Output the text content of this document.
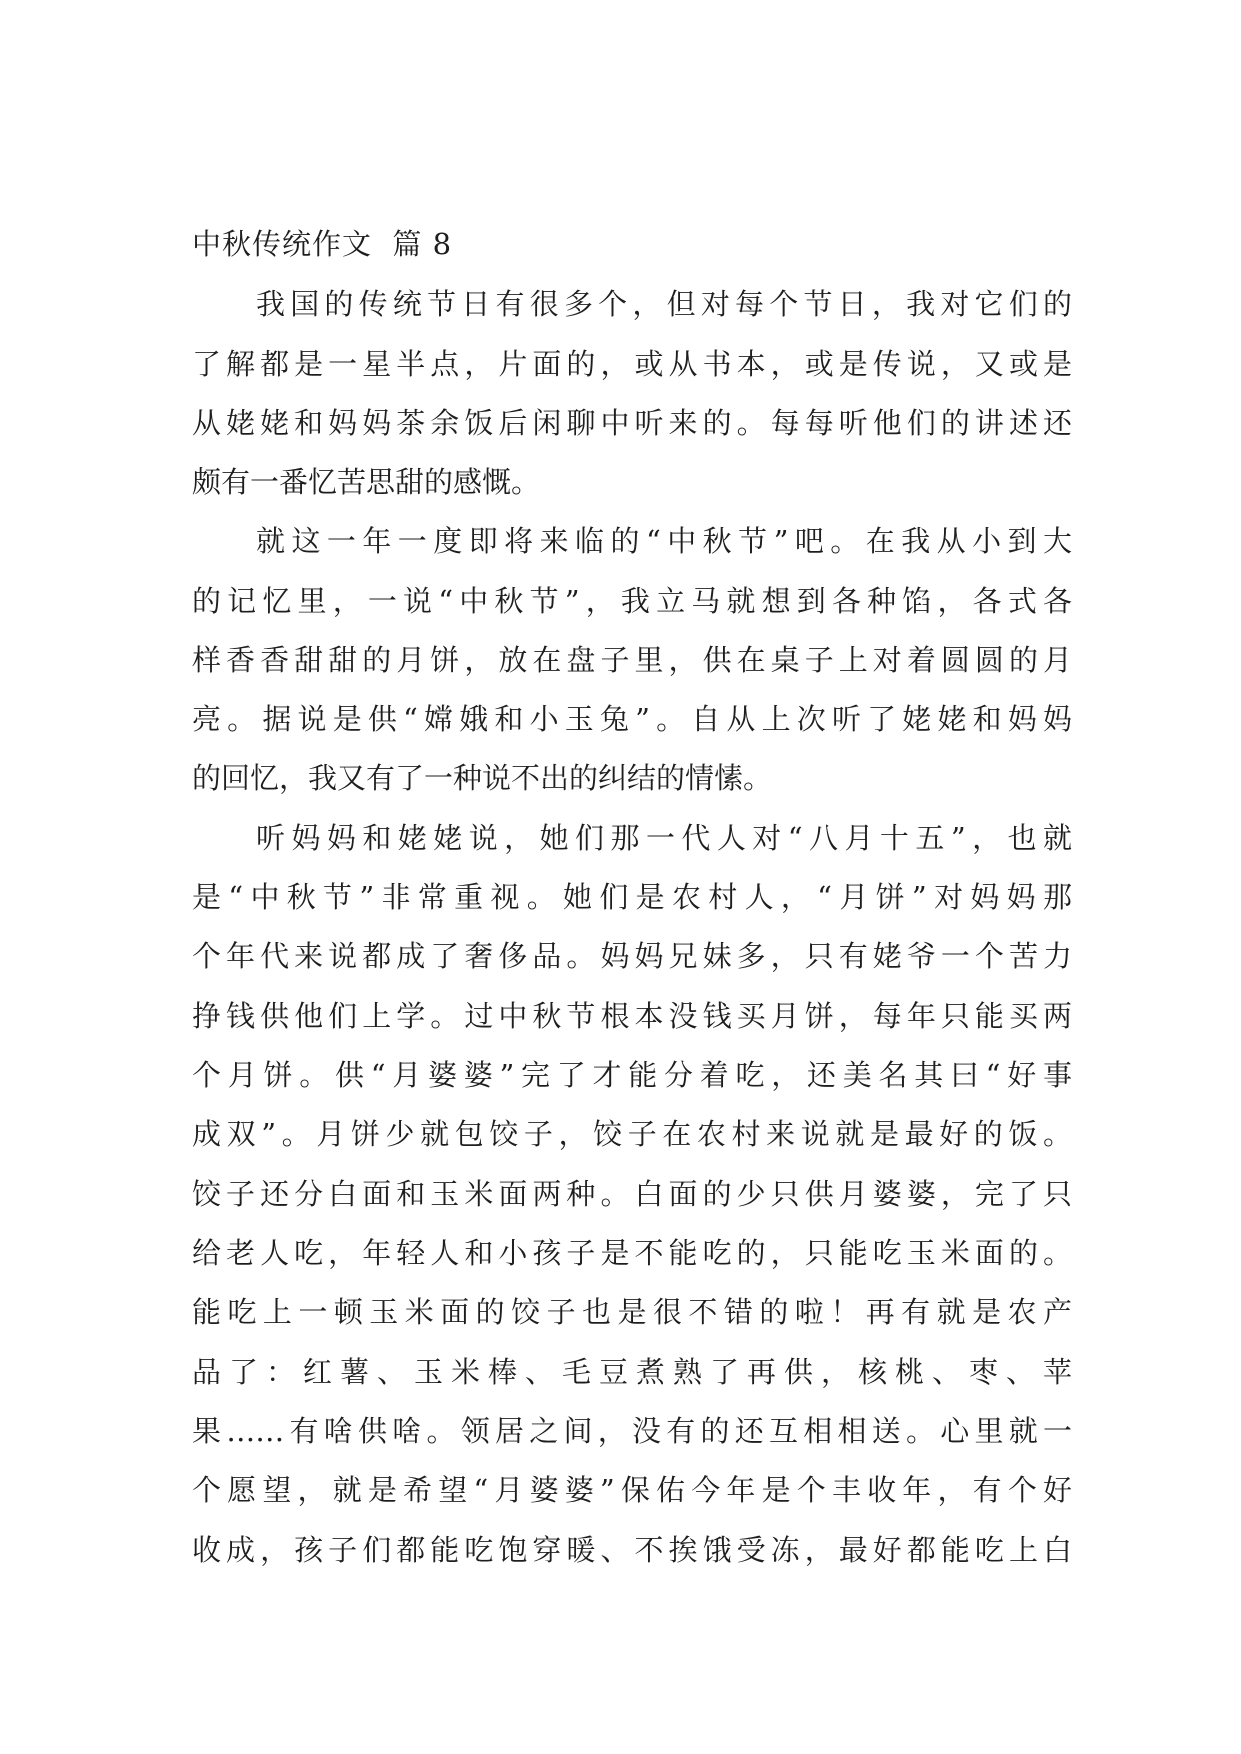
中秋传统作文  篇 8
我国的传统节日有很多个，但对每个节日，我对它们的
了解都是一星半点，片面的，或从书本，或是传说，又或是
从姥姥和妈妈茶余饭后闲聊中听来的。每每听他们的讲述还
颇有一番忆苦思甜的感慨。
就这一年一度即将来临的“中秋节”吧。在我从小到大
的记忆里，一说“中秋节”，我立马就想到各种馅，各式各
样香香甜甜的月饼，放在盘子里，供在桌子上对着圆圆的月
亮。据说是供“嫦娥和小玉兔”。自从上次听了姥姥和妈妈
的回忆，我又有了一种说不出的纠结的情愫。
听妈妈和姥姥说，她们那一代人对“八月十五”，也就
是“中秋节”非常重视。她们是农村人，“月饼”对妈妈那
个年代来说都成了奢侈品。妈妈兄妹多，只有姥爷一个苦力
挣钱供他们上学。过中秋节根本没钱买月饼，每年只能买两
个月饼。供“月婆婆”完了才能分着吃，还美名其曰“好事
成双”。月饼少就包饺子，饺子在农村来说就是最好的饭。
饺子还分白面和玉米面两种。白面的少只供月婆婆，完了只
给老人吃，年轻人和小孩子是不能吃的，只能吃玉米面的。
能吃上一顿玉米面的饺子也是很不错的啦！再有就是农产
品了：红薯、玉米棒、毛豆煮熟了再供，核桃、枣、苹
果……有啥供啥。领居之间，没有的还互相相送。心里就一
个愿望，就是希望“月婆婆”保佑今年是个丰收年，有个好
收成，孩子们都能吃饱穿暖、不挨饿受冻，最好都能吃上白
